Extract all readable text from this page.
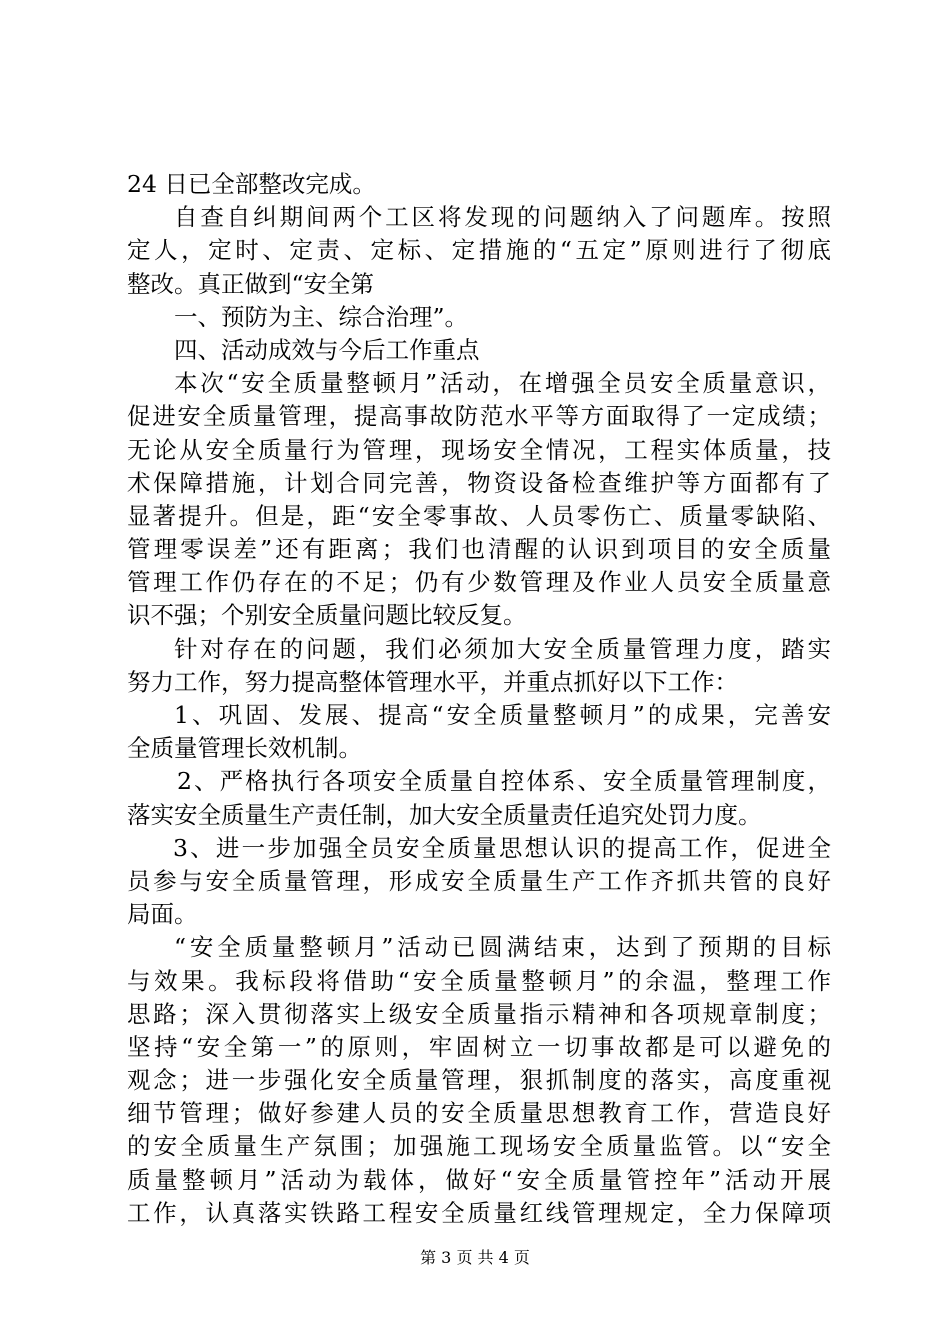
24 日已全部整改完成。
自查自纠期间两个工区将发现的问题纳入了问题库。按照
定人，定时、定责、定标、定措施的“五定”原则进行了彻底
整改。真正做到“安全第
一、预防为主、综合治理”。
四、活动成效与今后工作重点
本次“安全质量整顿月”活动，在增强全员安全质量意识，
促进安全质量管理，提高事故防范水平等方面取得了一定成绩；
无论从安全质量行为管理，现场安全情况，工程实体质量，技
术保障措施，计划合同完善，物资设备检查维护等方面都有了
显著提升。但是，距“安全零事故、人员零伤亡、质量零缺陷、
管理零误差”还有距离；我们也清醒的认识到项目的安全质量
管理工作仍存在的不足；仍有少数管理及作业人员安全质量意
识不强；个别安全质量问题比较反复。
针对存在的问题，我们必须加大安全质量管理力度，踏实
努力工作，努力提高整体管理水平，并重点抓好以下工作：
1、巩固、发展、提高“安全质量整顿月”的成果，完善安
全质量管理长效机制。
2、严格执行各项安全质量自控体系、安全质量管理制度，
落实安全质量生产责任制，加大安全质量责任追究处罚力度。
3、进一步加强全员安全质量思想认识的提高工作，促进全
员参与安全质量管理，形成安全质量生产工作齐抓共管的良好
局面。
“安全质量整顿月”活动已圆满结束，达到了预期的目标
与效果。我标段将借助“安全质量整顿月”的余温，整理工作
思路；深入贯彻落实上级安全质量指示精神和各项规章制度；
坚持“安全第一”的原则，牢固树立一切事故都是可以避免的
观念；进一步强化安全质量管理，狠抓制度的落实，高度重视
细节管理；做好参建人员的安全质量思想教育工作，营造良好
的安全质量生产氛围；加强施工现场安全质量监管。以“安全
质量整顿月”活动为载体，做好“安全质量管控年”活动开展
工作，认真落实铁路工程安全质量红线管理规定，全力保障项
第 3 页 共 4 页
